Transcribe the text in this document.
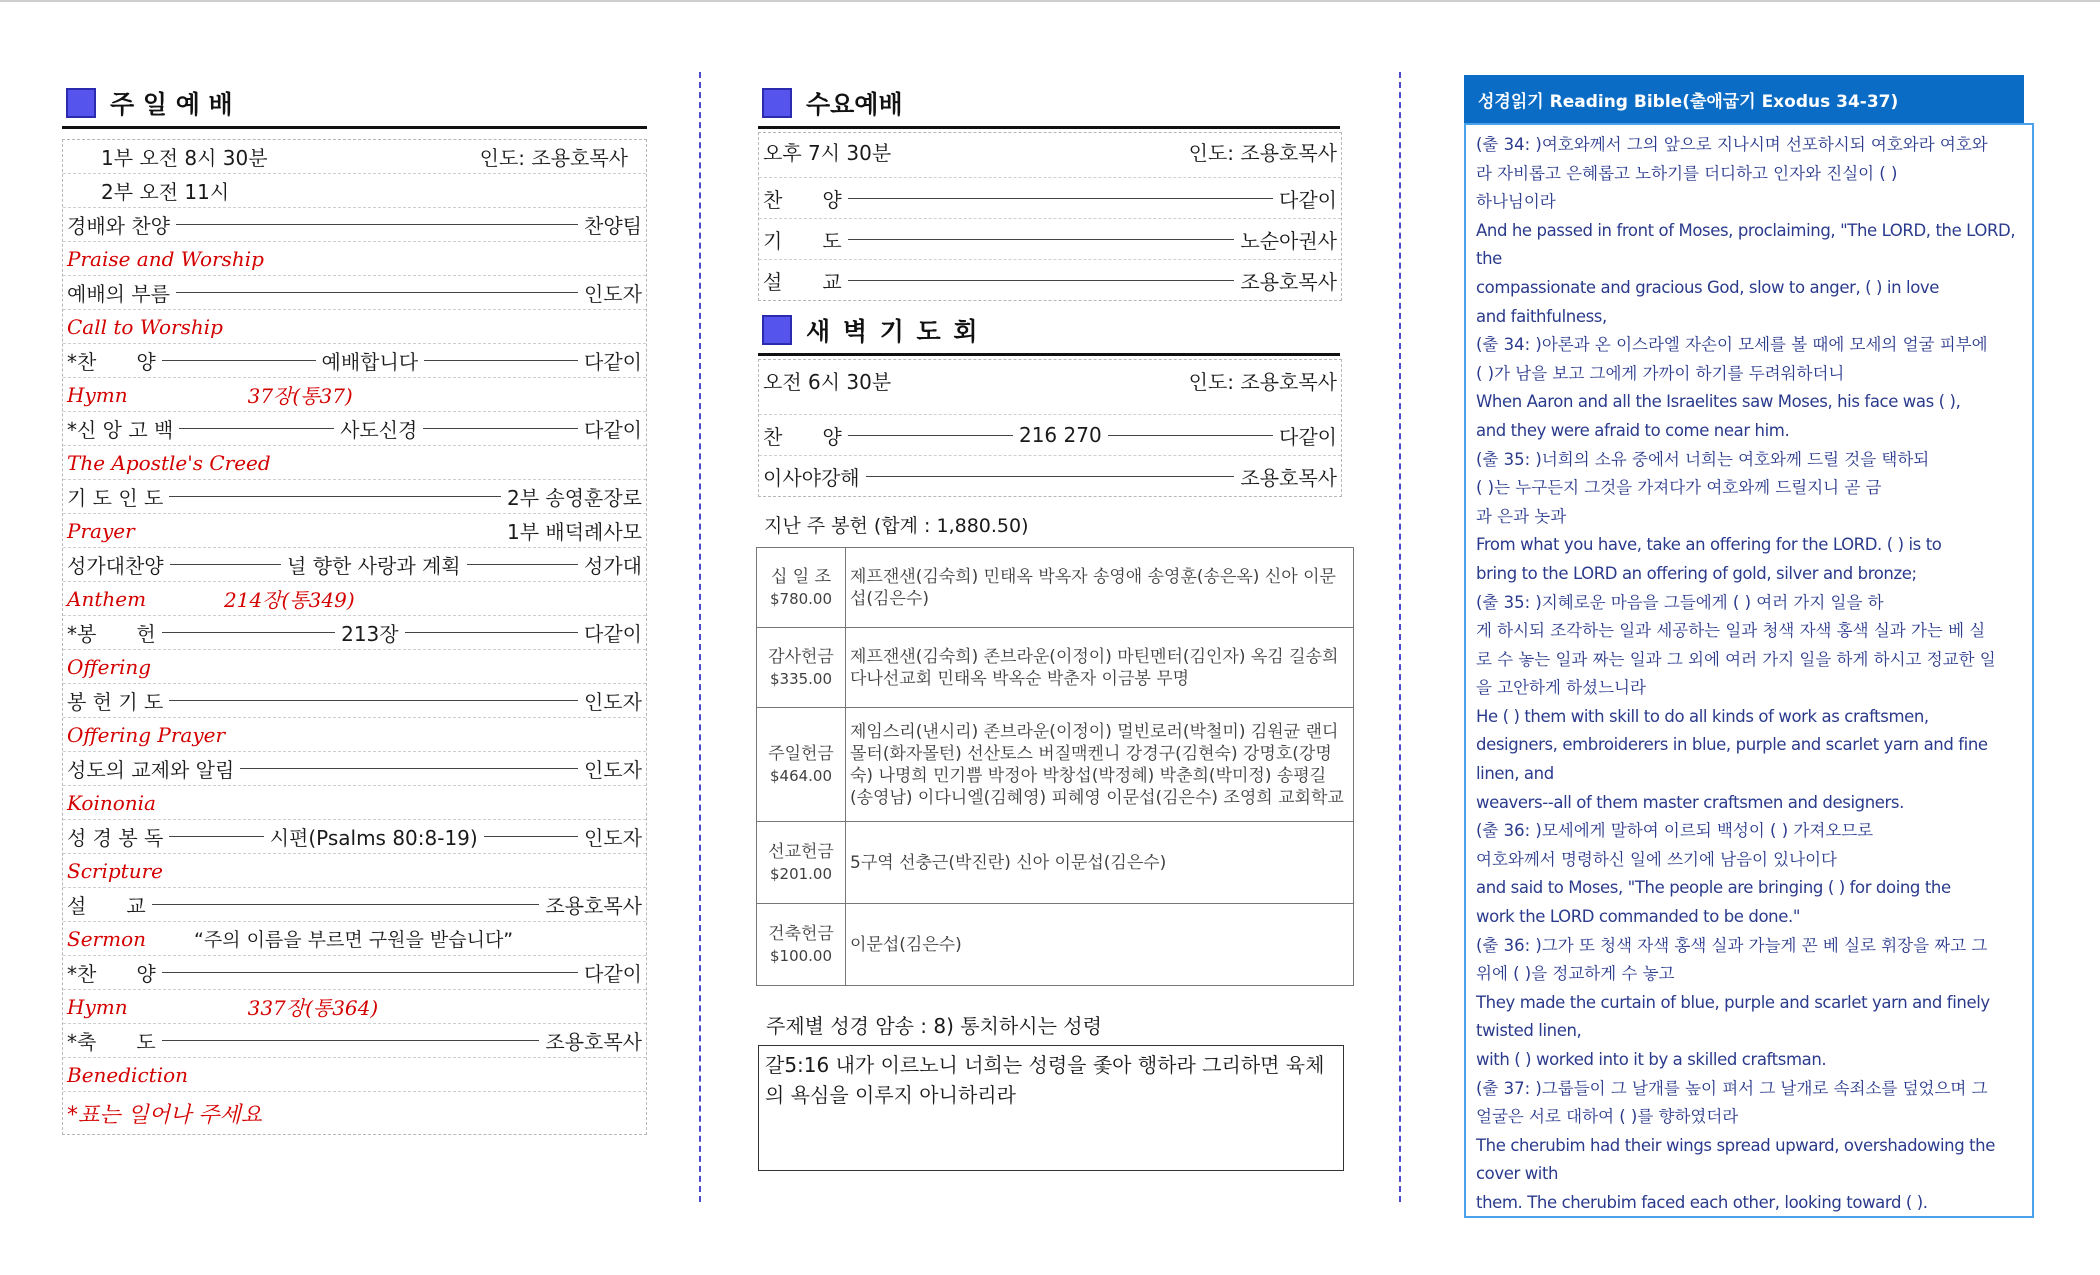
주 일 예 배
1부 오전 8시 30분	인도: 조용호목사
2부 오전 11시
경배와 찬양	찬양팀
Praise and Worship
예배의 부름	인도자
Call to Worship
*찬　　양	예배합니다	다같이
Hymn	37장(통37)
*신 앙 고 백	사도신경	다같이
The Apostle's Creed
기 도 인 도	2부 송영훈장로
Prayer	1부 배덕례사모
성가대찬양	널 향한 사랑과 계획	성가대
Anthem	214장(통349)
*봉　　헌	213장	다같이
Offering
봉 헌 기 도	인도자
Offering Prayer
성도의 교제와 알림	인도자
Koinonia
성 경 봉 독	시편(Psalms 80:8-19)	인도자
Scripture
설　　교	조용호목사
Sermon	“주의 이름을 부르면 구원을 받습니다”
*찬　　양	다같이
Hymn	337장(통364)
*축　　도	조용호목사
Benediction
*표는 일어나 주세요
수요예배
오후 7시 30분	인도: 조용호목사
찬　　양	다같이
기　　도	노순아권사
설　　교	조용호목사
새 벽 기 도 회
오전 6시 30분	인도: 조용호목사
찬　　양	216 270	다같이
이사야강해	조용호목사
지난 주 봉헌 (합계 : 1,880.50)
십 일 조
$780.00	제프잰샌(김숙희) 민태옥 박옥자 송영애 송영훈(송은옥) 신아 이문섭(김은수)

감사헌금
$335.00	제프잰샌(김숙희) 존브라운(이정이) 마틴멘터(김인자) 옥김 길송희 다나선교회 민태옥 박옥순 박춘자 이금봉 무명

주일헌금
$464.00	제임스리(낸시리) 존브라운(이정이) 멀빈로러(박철미) 김원균 랜디몰터(화자몰턴) 선산토스 버질맥켄니 강경구(김현숙) 강명호(강명숙) 나명희 민기쁨 박정아 박창섭(박정혜) 박춘희(박미정) 송평길(송영남) 이다니엘(김혜영) 피혜영 이문섭(김은수) 조영희 교회학교

선교헌금
$201.00	5구역 선충근(박진란) 신아 이문섭(김은수)

건축헌금
$100.00	이문섭(김은수)
주제별 성경 암송 : 8) 통치하시는 성령
갈5:16 내가 이르노니 너희는 성령을 좇아 행하라 그리하면 육체의 욕심을 이루지 아니하리라
성경읽기 Reading Bible(출애굽기 Exodus 34-37)

(출 34: )여호와께서 그의 앞으로 지나시며 선포하시되 여호와라 여호와

라 자비롭고 은혜롭고 노하기를 더디하고 인자와 진실이 ( )

하나님이라

And he passed in front of Moses, proclaiming, "The LORD, the LORD, the

compassionate and gracious God, slow to anger, ( ) in love

and faithfulness,

(출 34: )아론과 온 이스라엘 자손이 모세를 볼 때에 모세의 얼굴 피부에

( )가 남을 보고 그에게 가까이 하기를 두려워하더니

When Aaron and all the Israelites saw Moses, his face was ( ),

and they were afraid to come near him.

(출 35: )너희의 소유 중에서 너희는 여호와께 드릴 것을 택하되

( )는 누구든지 그것을 가져다가 여호와께 드릴지니 곧 금

과 은과 놋과

From what you have, take an offering for the LORD. ( ) is to

bring to the LORD an offering of gold, silver and bronze;

(출 35: )지혜로운 마음을 그들에게 ( ) 여러 가지 일을 하

게 하시되 조각하는 일과 세공하는 일과 청색 자색 홍색 실과 가는 베 실

로 수 놓는 일과 짜는 일과 그 외에 여러 가지 일을 하게 하시고 정교한 일

을 고안하게 하셨느니라

He ( ) them with skill to do all kinds of work as craftsmen,

designers, embroiderers in blue, purple and scarlet yarn and fine linen, and

weavers--all of them master craftsmen and designers.

(출 36: )모세에게 말하여 이르되 백성이 ( ) 가져오므로

여호와께서 명령하신 일에 쓰기에 남음이 있나이다

and said to Moses, "The people are bringing ( ) for doing the

work the LORD commanded to be done."

(출 36: )그가 또 청색 자색 홍색 실과 가늘게 꼰 베 실로 휘장을 짜고 그

위에 ( )을 정교하게 수 놓고

They made the curtain of blue, purple and scarlet yarn and finely twisted linen,

with ( ) worked into it by a skilled craftsman.

(출 37: )그룹들이 그 날개를 높이 펴서 그 날개로 속죄소를 덮었으며 그

얼굴은 서로 대하여 ( )를 향하였더라

The cherubim had their wings spread upward, overshadowing the cover with

them. The cherubim faced each other, looking toward ( ).
